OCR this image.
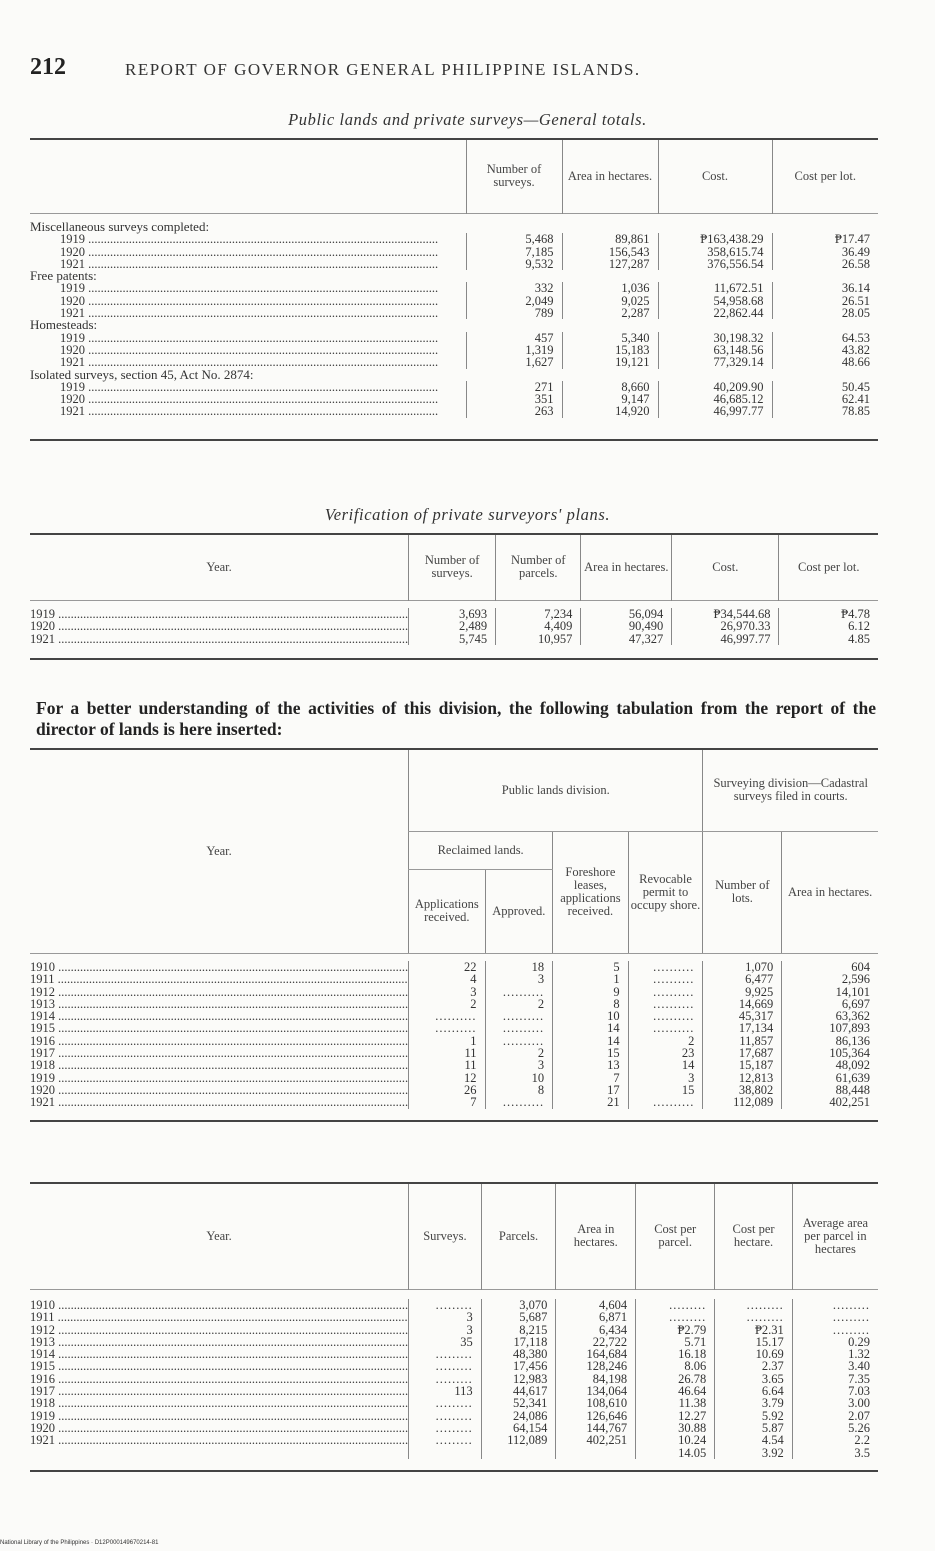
212	REPORT OF GOVERNOR GENERAL PHILIPPINE ISLANDS.
Public lands and private surveys—General totals.
	Number of surveys.	Area in hectares.	Cost.	Cost per lot.

Miscellaneous surveys completed:				
1919 .....	5,468	89,861	₱163,438.29	₱17.47
1920 .....	7,185	156,543	358,615.74	36.49
1921 .....	9,532	127,287	376,556.54	26.58
Free patents:				
1919 .....	332	1,036	11,672.51	36.14
1920 .....	2,049	9,025	54,958.68	26.51
1921 .....	789	2,287	22,862.44	28.05
Homesteads:				
1919 .....	457	5,340	30,198.32	64.53
1920 .....	1,319	15,183	63,148.56	43.82
1921 .....	1,627	19,121	77,329.14	48.66
Isolated surveys, section 45, Act No. 2874:				
1919 .....	271	8,660	40,209.90	50.45
1920 .....	351	9,147	46,685.12	62.41
1921 .....	263	14,920	46,997.77	78.85

Verification of private surveyors' plans.
Year.	Number of surveys.	Number of parcels.	Area in hectares.	Cost.	Cost per lot.

1919 .....	3,693	7,234	56,094	₱34,544.68	₱4.78
1920 .....	2,489	4,409	90,490	26,970.33	6.12
1921 .....	5,745	10,957	47,327	46,997.77	4.85

For a better understanding of the activities of this division, the following tabulation from the report of the director of lands is here inserted:
Year.	Public lands division.				Surveying division—Cadastral surveys filed in courts.	
	Reclaimed lands.		Foreshore leases, applications received.	Revocable permit to occupy shore.	Number of lots.	Area in hectares.
	Applications received.	Approved.				

1910 .....	22	18	5	..........	1,070	604
1911 .....	4	3	1	..........	6,477	2,596
1912 .....	3	..........	9	..........	9,925	14,101
1913 .....	2	2	8	..........	14,669	6,697
1914 .....	..........	..........	10	..........	45,317	63,362
1915 .....	..........	..........	14	..........	17,134	107,893
1916 .....	1	..........	14	2	11,857	86,136
1917 .....	11	2	15	23	17,687	105,364
1918 .....	11	3	13	14	15,187	48,092
1919 .....	12	10	7	3	12,813	61,639
1920 .....	26	8	17	15	38,802	88,448
1921 .....	7	..........	21	..........	112,089	402,251

Year.	Surveys.	Parcels.	Area in hectares.	Cost per parcel.	Cost per hectare.	Average area per parcel in hectares

1910 .....	.........	3,070	4,604	.........	.........	.........
1911 .....	3	5,687	6,871	.........	.........	.........
1912 .....	3	8,215	6,434	₱2.79	₱2.31	.........
1913 .....	35	17,118	22,722	5.71	15.17	0.29
1914 .....	.........	48,380	164,684	16.18	10.69	1.32
1915 .....	.........	17,456	128,246	8.06	2.37	3.40
1916 .....	.........	12,983	84,198	26.78	3.65	7.35
1917 .....	113	44,617	134,064	46.64	6.64	7.03
1918 .....	.........	52,341	108,610	11.38	3.79	3.00
1919 .....	.........	24,086	126,646	12.27	5.92	2.07
1920 .....	.........	64,154	144,767	30.88	5.87	5.26
1921 .....	.........	112,089	402,251	10.24	4.54	2.2
				14.05	3.92	3.5

National Library of the Philippines · D12P000149670214-81
